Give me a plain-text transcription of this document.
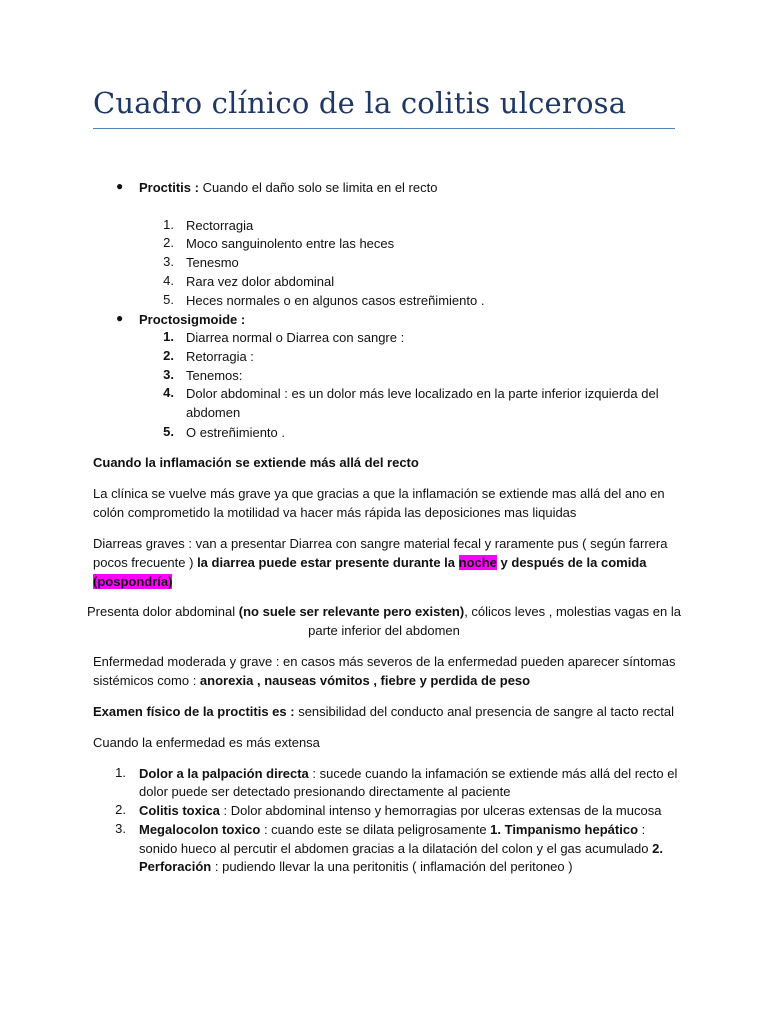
Cuadro clínico de la colitis ulcerosa
● Proctitis : Cuando el daño solo se limita en el recto
1. Rectorragia
2. Moco sanguinolento entre las heces
3. Tenesmo
4. Rara vez dolor abdominal
5. Heces normales o en algunos casos estreñimiento .
● Proctosigmoide :
1. Diarrea normal o Diarrea con sangre :
2. Retorragia :
3. Tenemos:
4. Dolor abdominal : es un dolor más leve localizado en la parte inferior izquierda del
abdomen
5. O estreñimiento .
Cuando la inflamación se extiende más allá del recto
La clínica se vuelve más grave ya que gracias a que la inflamación se extiende mas allá del ano en
colón comprometido la motilidad va hacer más rápida las deposiciones mas liquidas
Diarreas graves : van a presentar Diarrea con sangre material fecal y raramente pus ( según farrera
pocos frecuente ) la diarrea puede estar presente durante la noche y después de la comida
(pospondría)
Presenta dolor abdominal (no suele ser relevante pero existen), cólicos leves , molestias vagas en la
parte inferior del abdomen
Enfermedad moderada y grave : en casos más severos de la enfermedad pueden aparecer síntomas
sistémicos como : anorexia , nauseas vómitos , fiebre y perdida de peso
Examen físico de la proctitis es : sensibilidad del conducto anal presencia de sangre al tacto rectal
Cuando la enfermedad es más extensa
1. Dolor a la palpación directa : sucede cuando la infamación se extiende más allá del recto el
dolor puede ser detectado presionando directamente al paciente
2. Colitis toxica : Dolor abdominal intenso y hemorragias por ulceras extensas de la mucosa
3. Megalocolon toxico : cuando este se dilata peligrosamente 1. Timpanismo hepático :
sonido hueco al percutir el abdomen gracias a la dilatación del colon y el gas acumulado 2.
Perforación : pudiendo llevar la una peritonitis ( inflamación del peritoneo )
